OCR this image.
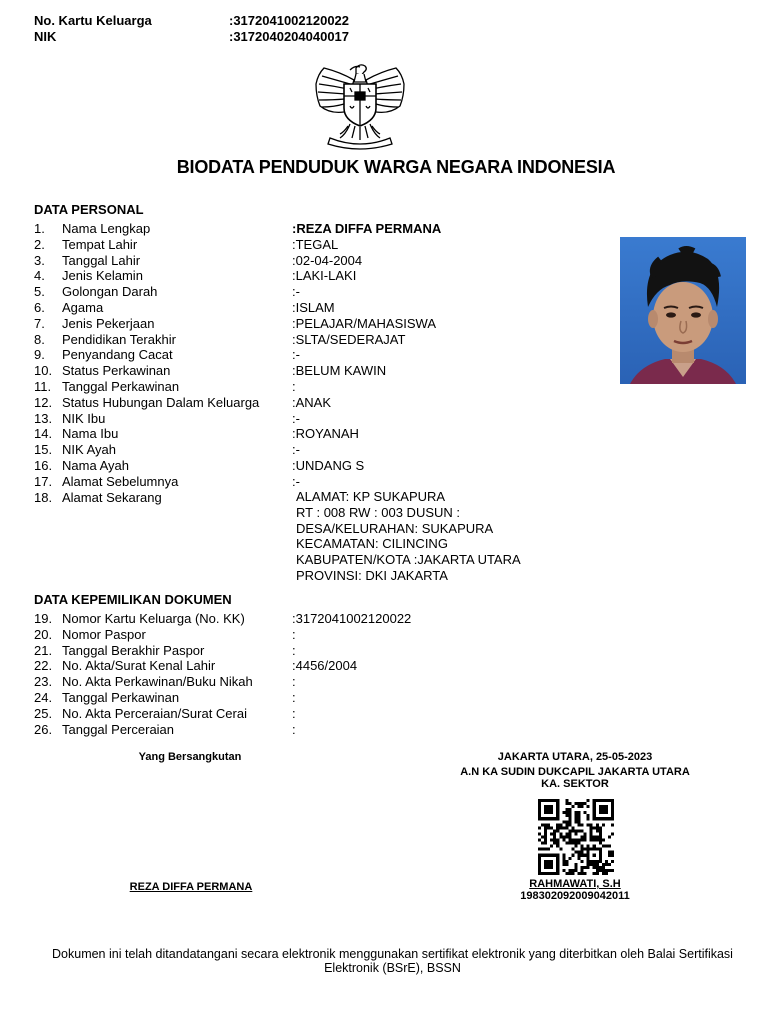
No. Kartu Keluarga	:3172041002120022
NIK	:3172040204040017
BIODATA PENDUDUK WARGA NEGARA INDONESIA
DATA PERSONAL
1. Nama Lengkap	:REZA DIFFA PERMANA
2. Tempat Lahir	:TEGAL
3. Tanggal Lahir	:02-04-2004
4. Jenis Kelamin	:LAKI-LAKI
5. Golongan Darah	:-
6. Agama	:ISLAM
7. Jenis Pekerjaan	:PELAJAR/MAHASISWA
8. Pendidikan Terakhir	:SLTA/SEDERAJAT
9. Penyandang Cacat	:-
10. Status Perkawinan	:BELUM KAWIN
11. Tanggal Perkawinan	:
12. Status Hubungan Dalam Keluarga	:ANAK
13. NIK Ibu	:-
14. Nama Ibu	:ROYANAH
15. NIK Ayah	:-
16. Nama Ayah	:UNDANG S
17. Alamat Sebelumnya	:-
18. Alamat Sekarang	ALAMAT: KP SUKAPURA
RT : 008 RW : 003 DUSUN :
DESA/KELURAHAN: SUKAPURA
KECAMATAN: CILINCING
KABUPATEN/KOTA :JAKARTA UTARA
PROVINSI: DKI JAKARTA
DATA KEPEMILIKAN DOKUMEN
19. Nomor Kartu Keluarga (No. KK)	:3172041002120022
20. Nomor Paspor	:
21. Tanggal Berakhir Paspor	:
22. No. Akta/Surat Kenal Lahir	:4456/2004
23. No. Akta Perkawinan/Buku Nikah	:
24. Tanggal Perkawinan	:
25. No. Akta Perceraian/Surat Cerai	:
26. Tanggal Perceraian	:
Yang Bersangkutan
REZA DIFFA PERMANA
JAKARTA UTARA, 25-05-2023
A.N KA SUDIN DUKCAPIL JAKARTA UTARA
KA. SEKTOR
RAHMAWATI, S.H
198302092009042011
Dokumen ini telah ditandatangani secara elektronik menggunakan sertifikat elektronik yang diterbitkan oleh Balai Sertifikasi Elektronik (BSrE), BSSN
